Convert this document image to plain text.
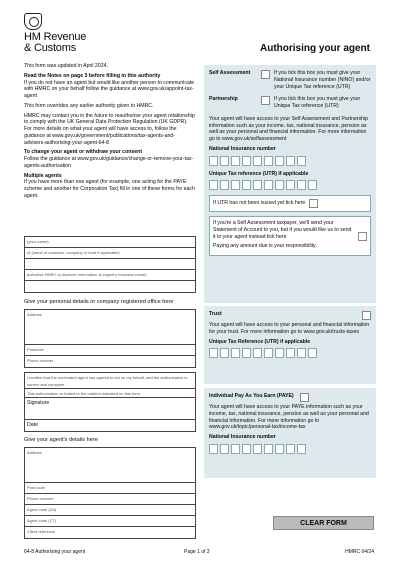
HM Revenue
& Customs	Authorising your agent

This form was updated in April 2024.

Read the Notes on page 3 before filling in this authority
If you do not have an agent but would like another person to communicate with HMRC on your behalf follow the guidance at www.gov.uk/appoint-tax-agent

This form overrides any earlier authority given to HMRC.

HMRC may contact you in the future to reauthorise your agent relationship to comply with the UK General Data Protection Regulation (UK GDPR). For more details on what your agent will have access to, follow the guidance at www.gov.uk/government/publications/tax-agents-and-advisers-authorising-your-agent-64-8

To change your agent or withdraw your consent
Follow the guidance at www.gov.uk/guidance/change-or-remove-your-tax-agents-authorisation

Multiple agents
If you have more than one agent (for example, one acting for the PAYE scheme and another for Corporation Tax) fill in one of these forms for each agent.

(your name)
of (name of business, company or trust if applicable)
authorise HMRC to disclose information to (agent's business name)
Give your personal details or company registered office here
Address
Postcode
Phone number
I confirm that the nominated agent has agreed to act on my behalf, and the authorisation is correct and complete.
This authorisation is limited to the matters indicated on this form.
Signature
Date
Give your agent's details here
Address
Post code
Phone number
Agent code (SA)
Agent code (CT)
Client reference
Self Assessment	If you tick this box you must give your National Insurance number (NINO) and/or your Unique Tax reference (UTR)
Partnership	If you tick this box you must give your Unique Tax reference (UTR)

Your agent will have access to your Self Assessment and Partnership information such as your income, tax, national insurance, pension as well as your personal and financial information. For more information go to www.gov.uk/selfassessment

National Insurance number
Unique Tax reference (UTR) if applicable
If UTR has not been issued yet tick here
If you're a Self Assessment taxpayer, we'll send your Statement of Account to you, but if you would like us to send it to your agent instead tick here

Paying any amount due is your responsibility.

Trust

Your agent will have access to your personal and financial information for your trust. For more information go to www.gov.uk/trusts-taxes

Unique Tax Reference (UTR) if applicable
Individual Pay As You Earn (PAYE)

Your agent will have access to your PAYE information such as your income, tax, national insurance, pension as well as your personal and financial information. For more information go to www.gov.uk/topic/personal-tax/income-tax

National Insurance number
CLEAR FORM
64-8 Authorising your agent	Page 1 of 3	HMRC 04/24
